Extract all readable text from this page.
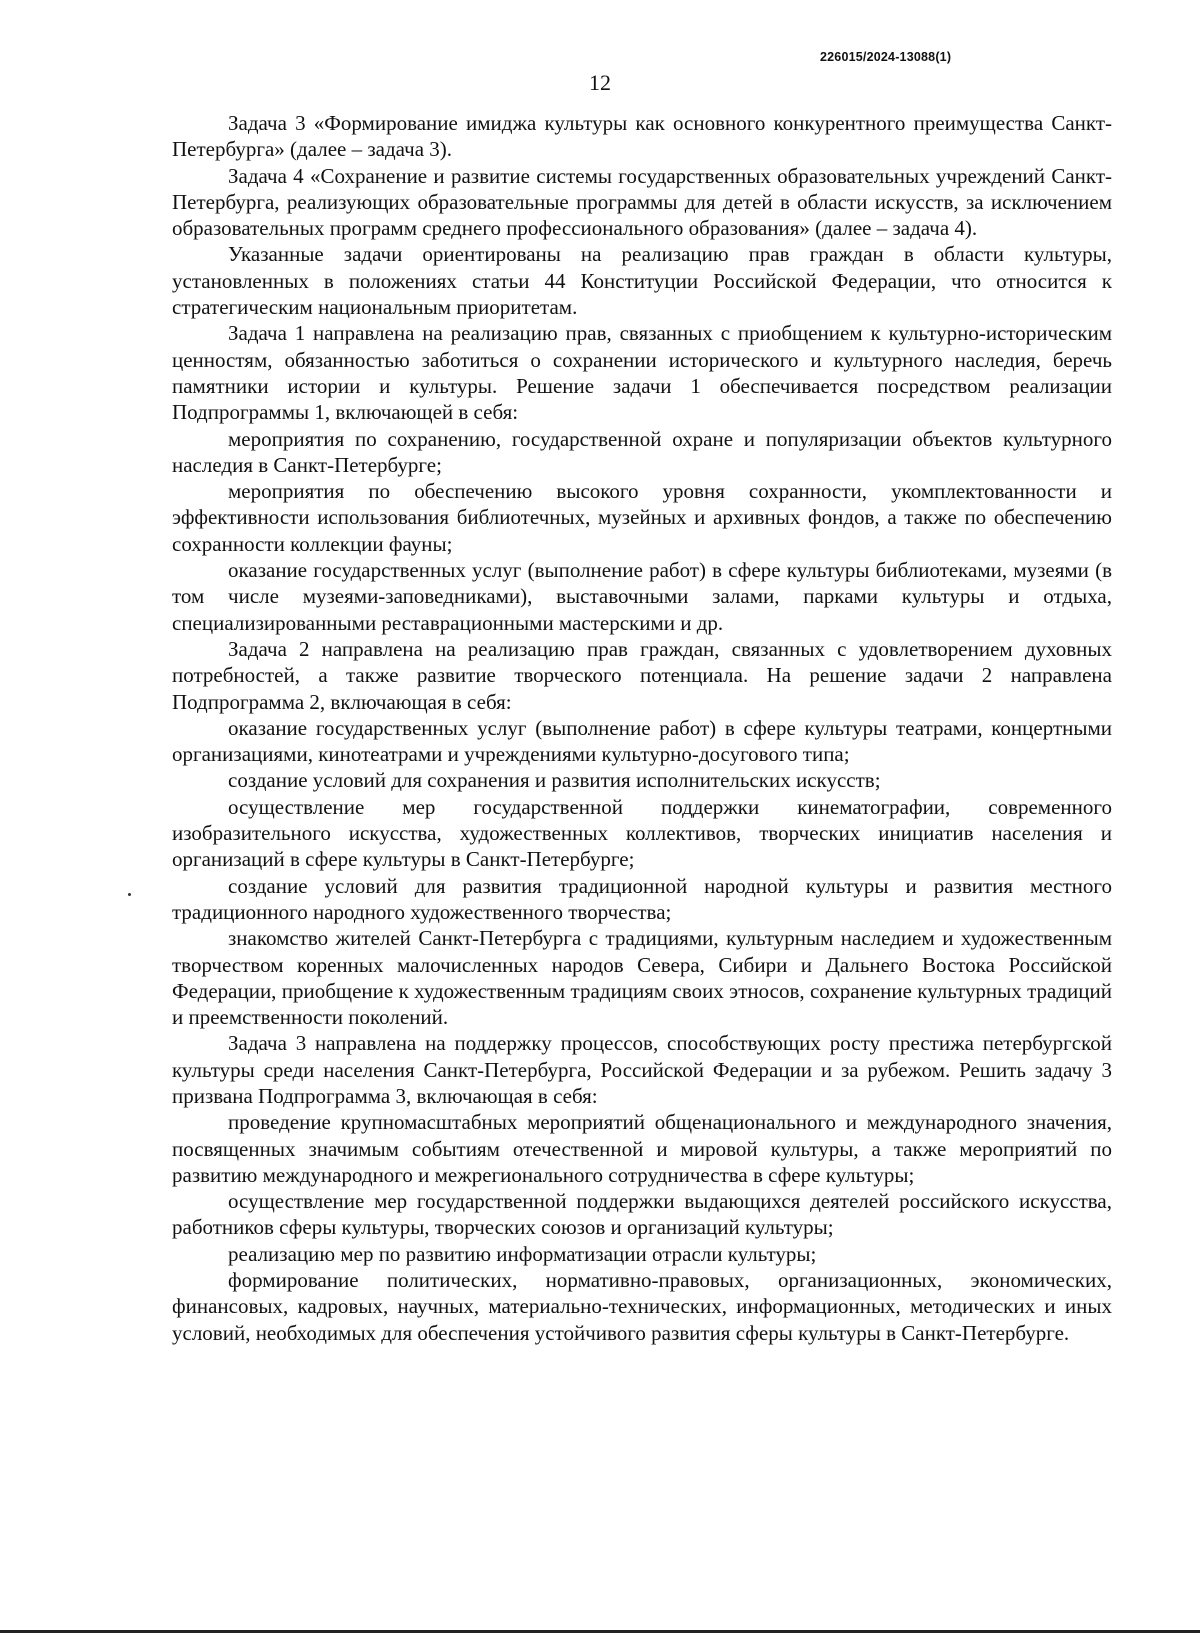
226015/2024-13088(1)
12

Задача 3 «Формирование имиджа культуры как основного конкурентного преимущества Санкт-Петербурга» (далее – задача 3).

Задача 4 «Сохранение и развитие системы государственных образовательных учреждений Санкт-Петербурга, реализующих образовательные программы для детей в области искусств, за исключением образовательных программ среднего профессионального образования» (далее – задача 4).

Указанные задачи ориентированы на реализацию прав граждан в области культуры, установленных в положениях статьи 44 Конституции Российской Федерации, что относится к стратегическим национальным приоритетам.

Задача 1 направлена на реализацию прав, связанных с приобщением к культурно-историческим ценностям, обязанностью заботиться о сохранении исторического и культурного наследия, беречь памятники истории и культуры. Решение задачи 1 обеспечивается посредством реализации Подпрограммы 1, включающей в себя:

мероприятия по сохранению, государственной охране и популяризации объектов культурного наследия в Санкт-Петербурге;

мероприятия по обеспечению высокого уровня сохранности, укомплектованности и эффективности использования библиотечных, музейных и архивных фондов, а также по обеспечению сохранности коллекции фауны;

оказание государственных услуг (выполнение работ) в сфере культуры библиотеками, музеями (в том числе музеями-заповедниками), выставочными залами, парками культуры и отдыха, специализированными реставрационными мастерскими и др.

Задача 2 направлена на реализацию прав граждан, связанных с удовлетворением духовных потребностей, а также развитие творческого потенциала. На решение задачи 2 направлена Подпрограмма 2, включающая в себя:

оказание государственных услуг (выполнение работ) в сфере культуры театрами, концертными организациями, кинотеатрами и учреждениями культурно-досугового типа;

создание условий для сохранения и развития исполнительских искусств;

осуществление мер государственной поддержки кинематографии, современного изобразительного искусства, художественных коллективов, творческих инициатив населения и организаций в сфере культуры в Санкт-Петербурге;

создание условий для развития традиционной народной культуры и развития местного традиционного народного художественного творчества;

знакомство жителей Санкт-Петербурга с традициями, культурным наследием и художественным творчеством коренных малочисленных народов Севера, Сибири и Дальнего Востока Российской Федерации, приобщение к художественным традициям своих этносов, сохранение культурных традиций и преемственности поколений.

Задача 3 направлена на поддержку процессов, способствующих росту престижа петербургской культуры среди населения Санкт-Петербурга, Российской Федерации и за рубежом. Решить задачу 3 призвана Подпрограмма 3, включающая в себя:

проведение крупномасштабных мероприятий общенационального и международного значения, посвященных значимым событиям отечественной и мировой культуры, а также мероприятий по развитию международного и межрегионального сотрудничества в сфере культуры;

осуществление мер государственной поддержки выдающихся деятелей российского искусства, работников сферы культуры, творческих союзов и организаций культуры;

реализацию мер по развитию информатизации отрасли культуры;

формирование политических, нормативно-правовых, организационных, экономических, финансовых, кадровых, научных, материально-технических, информационных, методических и иных условий, необходимых для обеспечения устойчивого развития сферы культуры в Санкт-Петербурге.
